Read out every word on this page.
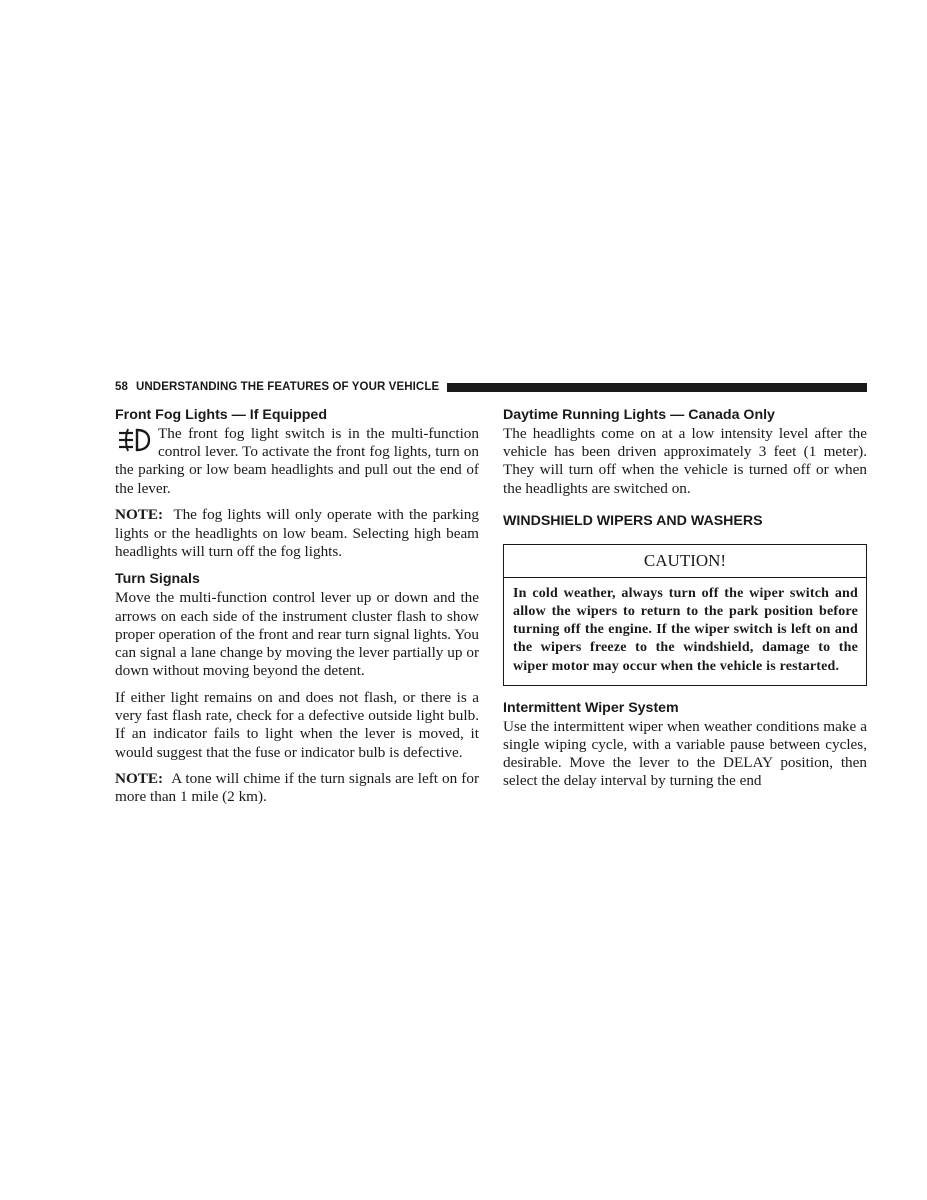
58 UNDERSTANDING THE FEATURES OF YOUR VEHICLE
Front Fog Lights — If Equipped

The front fog light switch is in the multi-function control lever. To activate the front fog lights, turn on the parking or low beam headlights and pull out the end of the lever.

NOTE: The fog lights will only operate with the parking lights or the headlights on low beam. Selecting high beam headlights will turn off the fog lights.

Turn Signals

Move the multi-function control lever up or down and the arrows on each side of the instrument cluster flash to show proper operation of the front and rear turn signal lights. You can signal a lane change by moving the lever partially up or down without moving beyond the detent.

If either light remains on and does not flash, or there is a very fast flash rate, check for a defective outside light bulb. If an indicator fails to light when the lever is moved, it would suggest that the fuse or indicator bulb is defective.

NOTE: A tone will chime if the turn signals are left on for more than 1 mile (2 km).

Daytime Running Lights — Canada Only

The headlights come on at a low intensity level after the vehicle has been driven approximately 3 feet (1 meter). They will turn off when the vehicle is turned off or when the headlights are switched on.

WINDSHIELD WIPERS AND WASHERS
CAUTION!
In cold weather, always turn off the wiper switch and allow the wipers to return to the park position before turning off the engine. If the wiper switch is left on and the wipers freeze to the windshield, damage to the wiper motor may occur when the vehicle is restarted.
Intermittent Wiper System

Use the intermittent wiper when weather conditions make a single wiping cycle, with a variable pause between cycles, desirable. Move the lever to the DELAY position, then select the delay interval by turning the end
